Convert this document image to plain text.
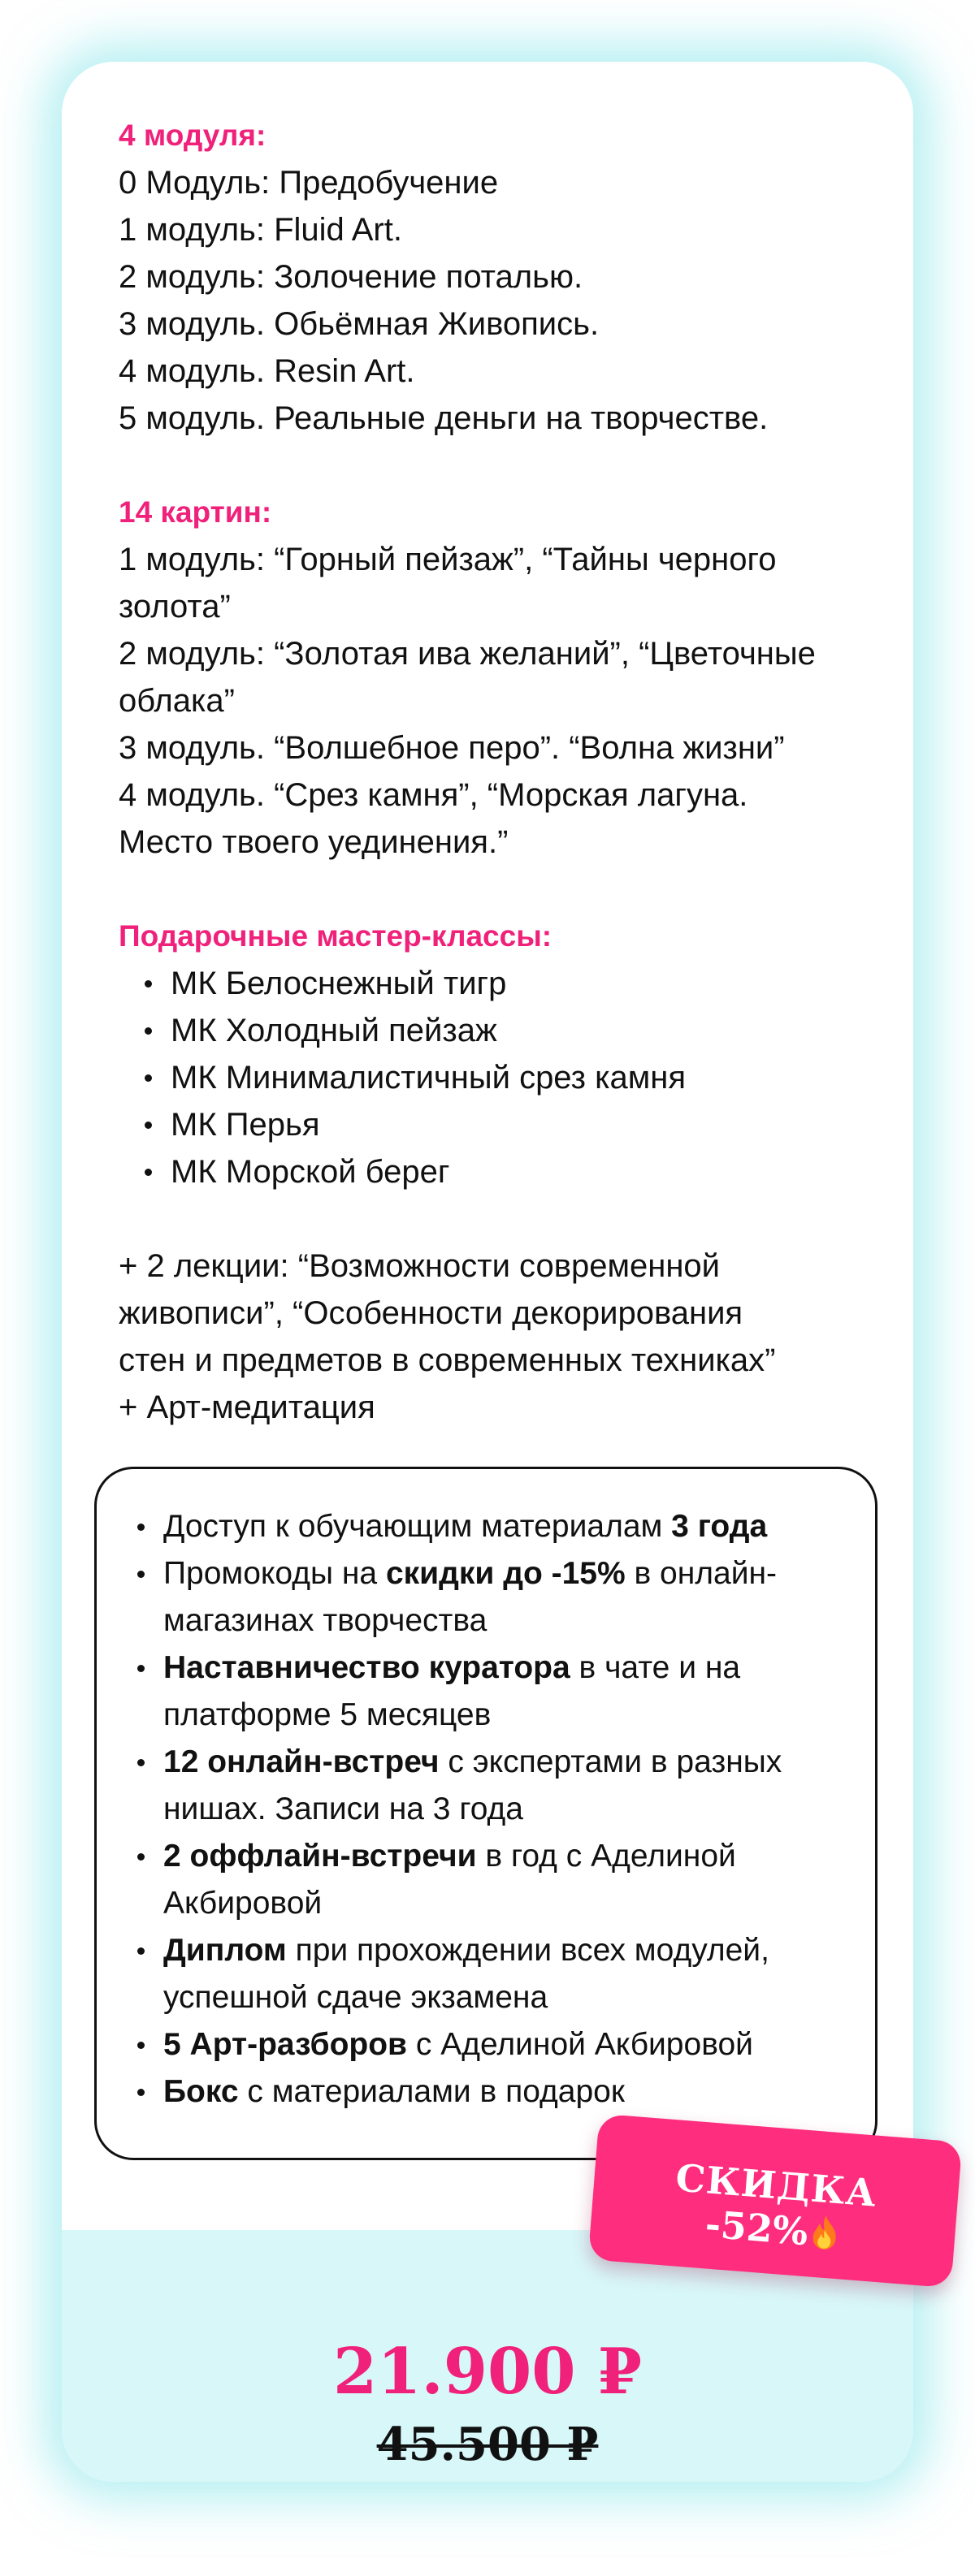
4 модуля:
0 Модуль: Предобучение
1 модуль: Fluid Art.
2 модуль: Золочение поталью.
3 модуль. Обьёмная Живопись.
4 модуль. Resin Art.
5 модуль. Реальные деньги на творчестве.
14 картин:
1 модуль: “Горный пейзаж”, “Тайны черного
золота”
2 модуль: “Золотая ива желаний”, “Цветочные
облака”
3 модуль. “Волшебное перо”. “Волна жизни”
4 модуль. “Срез камня”, “Морская лагуна.
Место твоего уединения.”
Подарочные мастер-классы:
МК Белоснежный тигр
МК Холодный пейзаж
МК Минималистичный срез камня
МК Перья
МК Морской берег
+ 2 лекции: “Возможности современной
живописи”, “Особенности декорирования
стен и предметов в современных техниках”
+ Арт-медитация
Доступ к обучающим материалам 3 года

Промокоды на скидки до -15% в онлайн-
магазинах творчества
Наставничество куратора в чате и на
платформе 5 месяцев
12 онлайн-встреч с экспертами в разных
нишах. Записи на 3 года
2 оффлайн-встречи в год с Аделиной
Акбировой
Диплом при прохождении всех модулей,
успешной сдаче экзамена
5 Арт-разборов с Аделиной Акбировой
Бокс с материалами в подарок
21.900 ₽
45.500 ₽
СКИДКА
-52%
